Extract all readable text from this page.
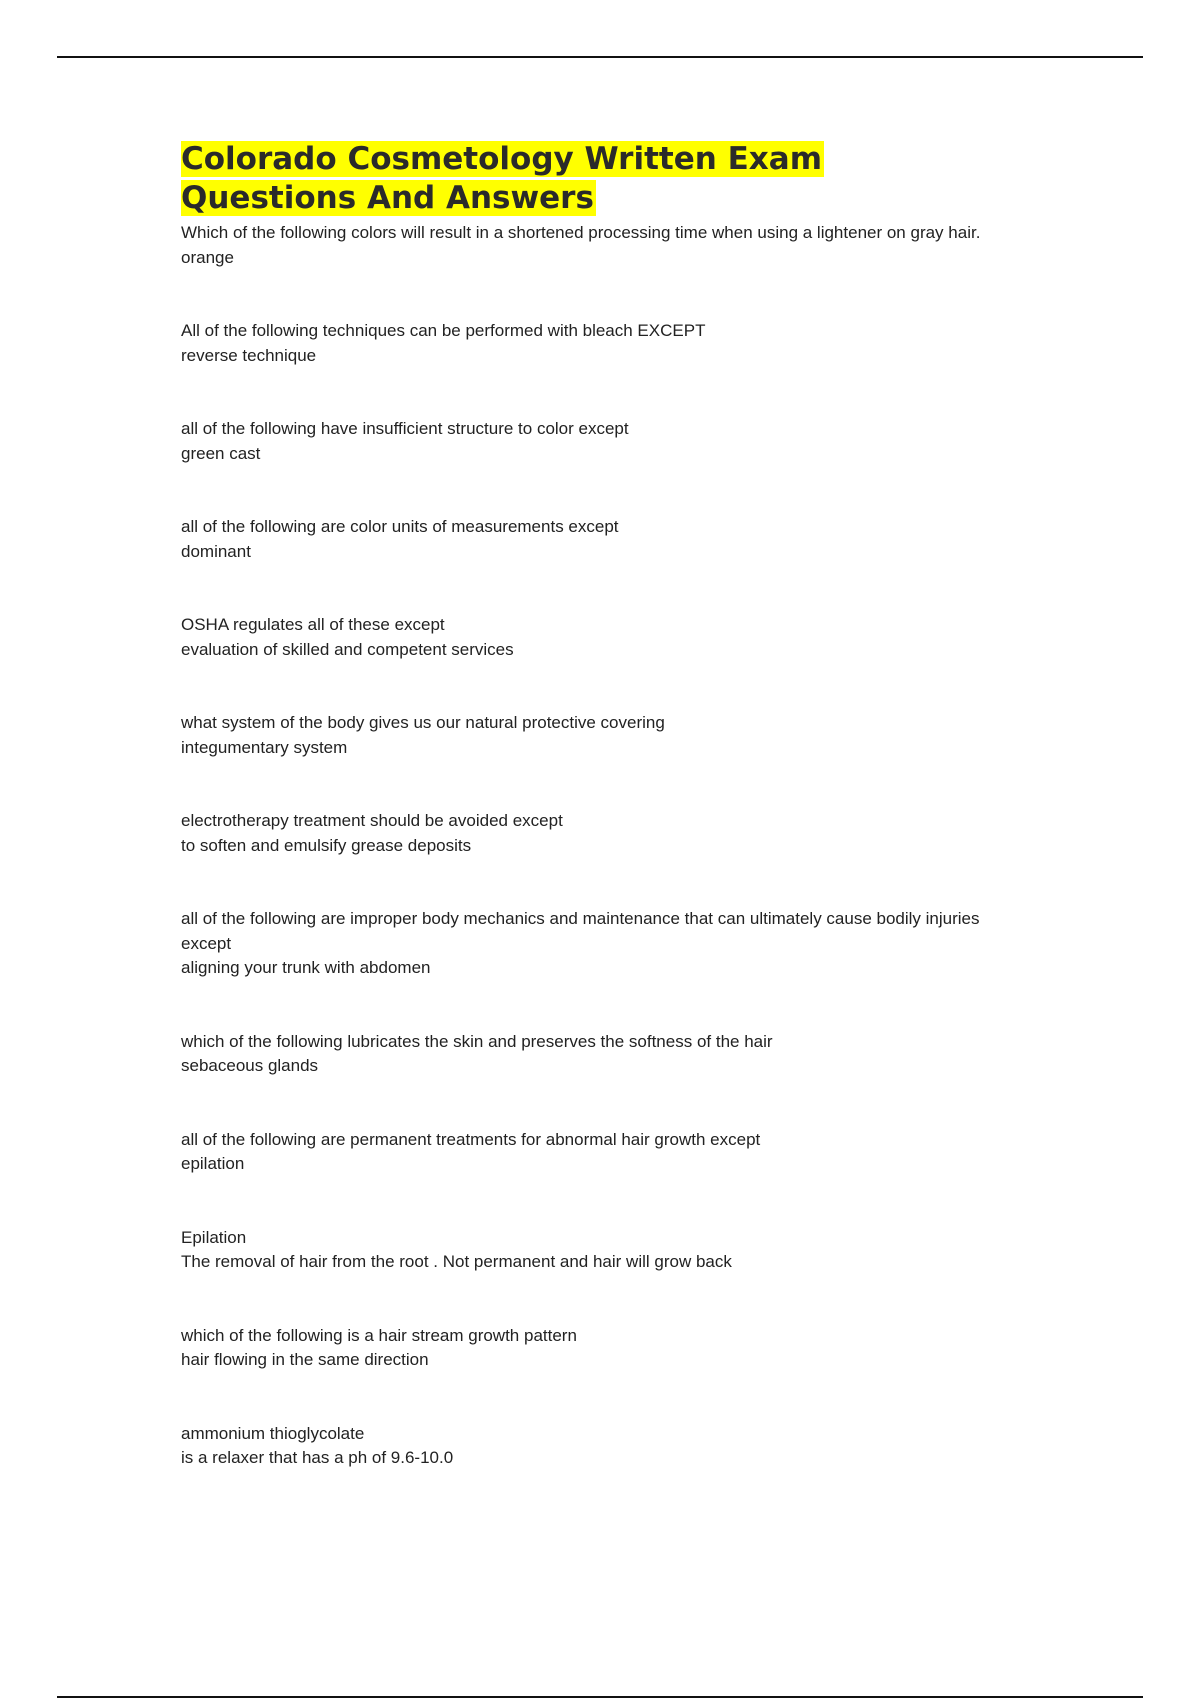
Colorado Cosmetology Written Exam
Questions And Answers
Which of the following colors will result in a shortened processing time when using a lightener on gray hair.
orange
All of the following techniques can be performed with bleach EXCEPT
reverse technique
all of the following have insufficient structure to color except
green cast
all of the following are color units of measurements except
dominant
OSHA regulates all of these except
evaluation of skilled and competent services
what system of the body gives us our natural protective covering
integumentary system
electrotherapy treatment should be avoided except
to soften and emulsify grease deposits
all of the following are improper body mechanics and maintenance that can ultimately cause bodily injuries except
aligning your trunk with abdomen
which of the following lubricates the skin and preserves the softness of the hair
sebaceous glands
all of the following are permanent treatments for abnormal hair growth except
epilation
Epilation
The removal of hair from the root . Not permanent and hair will grow back
which of the following is a hair stream growth pattern
hair flowing in the same direction
ammonium thioglycolate
is a relaxer that has a ph of 9.6-10.0
